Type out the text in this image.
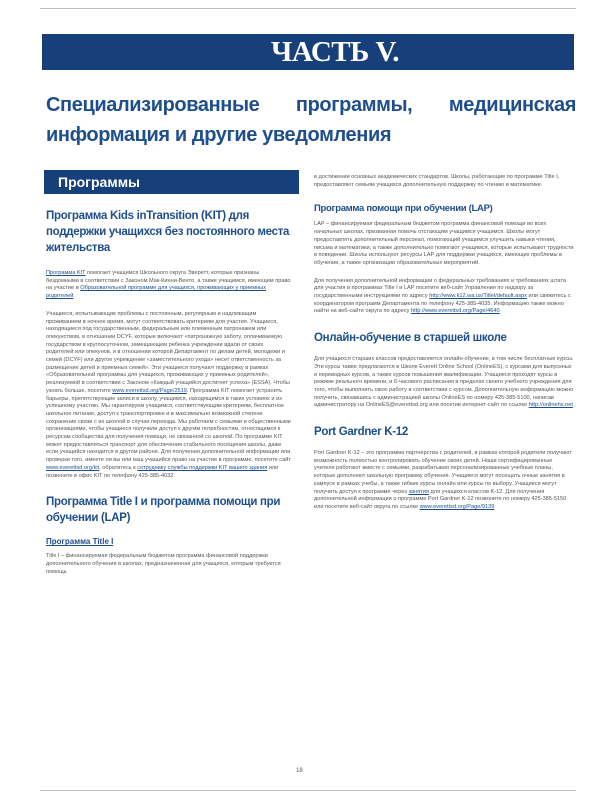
ЧАСТЬ V.
Специализированные программы, медицинская информация и другие уведомления
Программы
Программа Kids inTransition (KIT) для поддержки учащихся без постоянного места жительства

Программа KIT помогает учащимся Школьного округа Эверетт, которые признаны бездомными в соответствии с Законом Мак-Кинни-Венто, а также учащимся, имеющим право на участие в Образовательной программе для учащихся, проживающих у приемных родителей.

Учащиеся, испытывающие проблемы с постоянным, регулярным и надлежащим проживанием в ночное время, могут соответствовать критериям для участия. Учащиеся, находящиеся под государственным, федеральным или племенным патронажем или опекунством, в отношении DCYF, которые включают «патронажную заботу, оплачиваемую государством в круглосуточном, замещающем ребенка учреждении вдали от своих родителей или опекунов, и в отношении которой Департамент по делам детей, молодежи и семей (DCYF) или другое учреждение «заместительного ухода» несет ответственность за размещение детей и приемных семей». Эти учащиеся получают поддержку в рамках «Образовательной программы для учащихся, проживающих у приемных родителей», реализуемой в соответствии с Законом «Каждый учащийся достигнет успеха» (ESSA). Чтобы узнать больше, посетите www.everettsd.org/Page/2519. Программа KIT помогает устранить барьеры, препятствующие записи в школу, учащимся, находящимся в таких условиях и их успешному участию. Мы гарантируем учащимся, соответствующим критериям, бесплатное школьное питание, доступ к транспортировке и в максимально возможной степени сохранение связи с их школой в случае переезда. Мы работаем с семьями и общественными организациями, чтобы учащиеся получили доступ к другим потребностям, относящимся к ресурсам сообщества для получения помощи, не связанной со школой. По программе KIT может предоставляться транспорт для обеспечения стабильного посещения школы, даже если учащийся находится в другом районе. Для получения дополнительной информации или проверки того, имеете ли вы или ваш учащийся право на участие в программе, посетите сайт www.everettsd.org/kit, обратитесь к сотруднику службы поддержки KIT вашего здания или позвоните в офис KIT по телефону 425-385-4032.

Программа Title I и программа помощи при обучении (LAP)
Программа Title I

Title I – финансируемая федеральным бюджетом программа финансовой поддержки дополнительного обучения в школах, предназначенная для учащихся, которым требуется помощь

в достижении основных академических стандартов. Школы, работающие по программе Title I, предоставляют семьям учащихся дополнительную поддержку по чтению и математике.

Программа помощи при обучении (LAP)

LAP – финансируемая федеральным бюджетом программа финансовой помощи во всех начальных школах, призванная помочь отстающим учащимся учащимся. Школы могут предоставлять дополнительный персонал, помогающий учащимся улучшить навыки чтения, письма и математики, а также дополнительно помогают учащимся, которые испытывают трудности в поведении. Школы используют ресурсы LAP для поддержки учащихся, имеющих проблемы в обучении, а также организации образовательных мероприятий.

Для получения дополнительной информации о федеральных требованиях и требованиях штата для участия в программах Title I и LAP посетите веб-сайт Управления по надзору за государственными инструкциями по адресу http://www.k12.wa.us/TitleI/default.aspx или свяжитесь с координатором программ Департамента по телефону 425-385-4035. Информацию также можно найти на веб-сайте округа по адресу http://www.everettsd.org/Page/4640

Онлайн-обучение в старшей школе

Для учащихся старших классов предоставляется онлайн-обучение, в том числе бесплатные курсы. Эти курсы также предлагаются в Школе Everett Online School (OnlineES), с курсами для выпускных и переводных курсов, а также курсов повышения квалификации. Учащиеся проходят курсы в режиме реального времени, и 6-часового расписания в пределах своего учебного учреждения для того, чтобы выполнить свою работу в соответствии с курсом. Дополнительную информацию можно получить, связавшись с администрацией школы OnlineES по номеру 425-385-5100, написав администратору на OnlineES@everettsd.org или посетив интернет-сайт по ссылке http://onlinehs.net

Port Gardner K-12

Port Gardner K-12 – это программа партнерства с родителей, в рамках которой родители получают возможность полностью контролировать обучение своих детей. Наши сертифицированные учителя работают вместе с семьями, разрабатывая персонализированные учебные планы, которые дополняют школьную программу обучения. Учащиеся могут посещать очные занятия в кампусе в рамках учебы, а также гибкие курсы онлайн или курсы по выбору. Учащиеся могут получить доступ к программе через занятия для учащихся классов K-12. Для получения дополнительной информации о программе Port Gardner K-12 позвоните по номеру 425-385-5150 или посетите веб-сайт округа по ссылке www.everettsd.org/Page/9139

18
